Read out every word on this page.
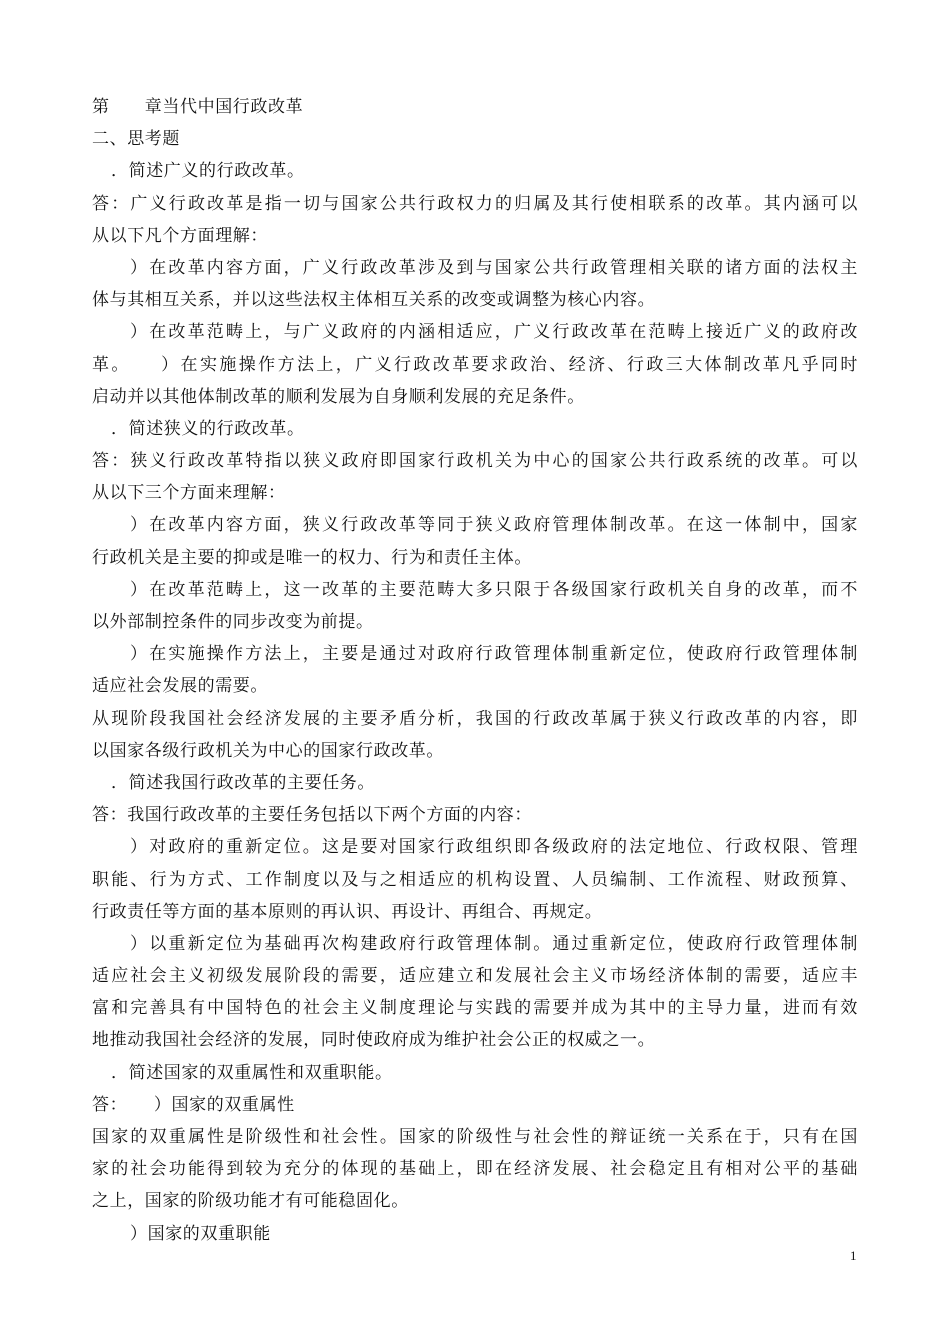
第　　章当代中国行政改革
二、思考题
．简述广义的行政改革。
答：广义行政改革是指一切与国家公共行政权力的归属及其行使相联系的改革。其内涵可以
从以下凡个方面理解：
）在改革内容方面，广义行政改革涉及到与国家公共行政管理相关联的诸方面的法权主
体与其相互关系，并以这些法权主体相互关系的改变或调整为核心内容。
）在改革范畴上，与广义政府的内涵相适应，广义行政改革在范畴上接近广义的政府改
革。　　）在实施操作方法上，广义行政改革要求政治、经济、行政三大体制改革凡乎同时
启动并以其他体制改革的顺利发展为自身顺利发展的充足条件。
．简述狭义的行政改革。
答：狭义行政改革特指以狭义政府即国家行政机关为中心的国家公共行政系统的改革。可以
从以下三个方面来理解：
）在改革内容方面，狭义行政改革等同于狭义政府管理体制改革。在这一体制中，国家
行政机关是主要的抑或是唯一的权力、行为和责任主体。
）在改革范畴上，这一改革的主要范畴大多只限于各级国家行政机关自身的改革，而不
以外部制控条件的同步改变为前提。
）在实施操作方法上，主要是通过对政府行政管理体制重新定位，使政府行政管理体制
适应社会发展的需要。
从现阶段我国社会经济发展的主要矛盾分析，我国的行政改革属于狭义行政改革的内容，即
以国家各级行政机关为中心的国家行政改革。
．简述我国行政改革的主要任务。
答：我国行政改革的主要任务包括以下两个方面的内容：
）对政府的重新定位。这是要对国家行政组织即各级政府的法定地位、行政权限、管理
职能、行为方式、工作制度以及与之相适应的机构设置、人员编制、工作流程、财政预算、
行政责任等方面的基本原则的再认识、再设计、再组合、再规定。
）以重新定位为基础再次构建政府行政管理体制。通过重新定位，使政府行政管理体制
适应社会主义初级发展阶段的需要，适应建立和发展社会主义市场经济体制的需要，适应丰
富和完善具有中国特色的社会主义制度理论与实践的需要并成为其中的主导力量，进而有效
地推动我国社会经济的发展，同时使政府成为维护社会公正的权威之一。
．简述国家的双重属性和双重职能。
答：　　）国家的双重属性
国家的双重属性是阶级性和社会性。国家的阶级性与社会性的辩证统一关系在于，只有在国
家的社会功能得到较为充分的体现的基础上，即在经济发展、社会稳定且有相对公平的基础
之上，国家的阶级功能才有可能稳固化。
）国家的双重职能
1
